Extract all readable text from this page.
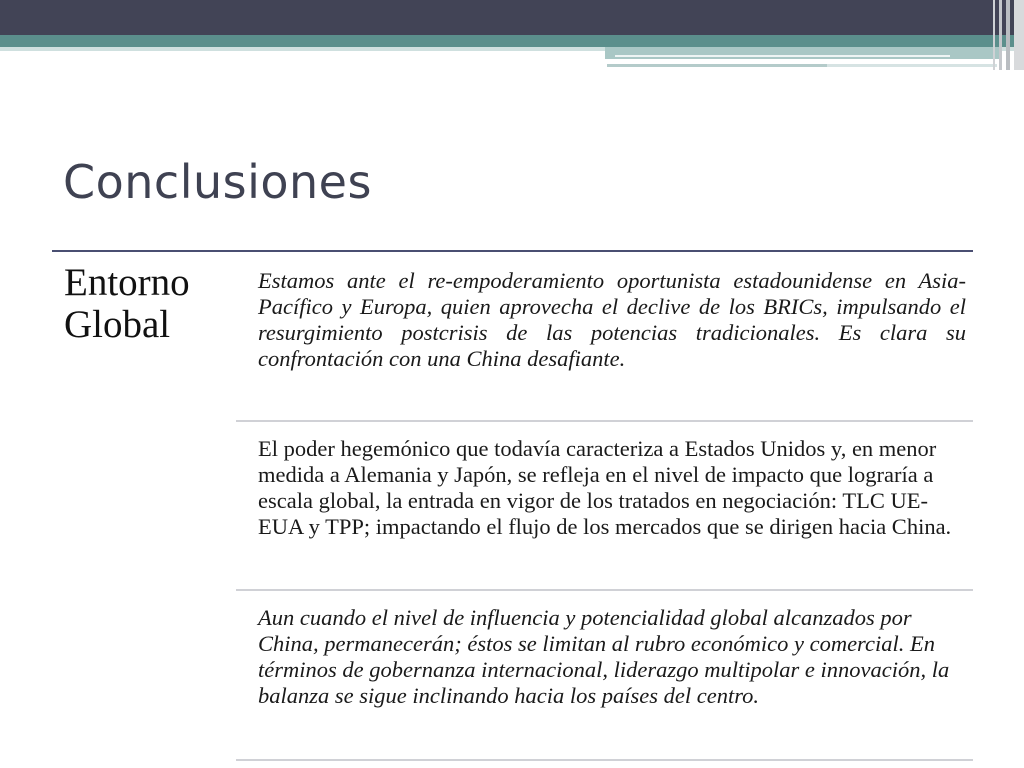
Conclusiones
Entorno Global
Estamos ante el re-empoderamiento oportunista estadounidense en Asia-Pacífico y Europa, quien aprovecha el declive de los BRICs, impulsando el resurgimiento postcrisis de las potencias tradicionales. Es clara su confrontación con una China desafiante.
El poder hegemónico que todavía caracteriza a Estados Unidos y, en menor medida a Alemania y Japón, se refleja en el nivel de impacto que lograría a escala global, la entrada en vigor de los tratados en negociación: TLC UE-EUA y TPP; impactando el flujo de los mercados que se dirigen hacia China.
Aun cuando el nivel de influencia y potencialidad global alcanzados por China, permanecerán; éstos se limitan al rubro económico y comercial. En términos de gobernanza internacional, liderazgo multipolar e innovación, la balanza se sigue inclinando hacia los países del centro.
